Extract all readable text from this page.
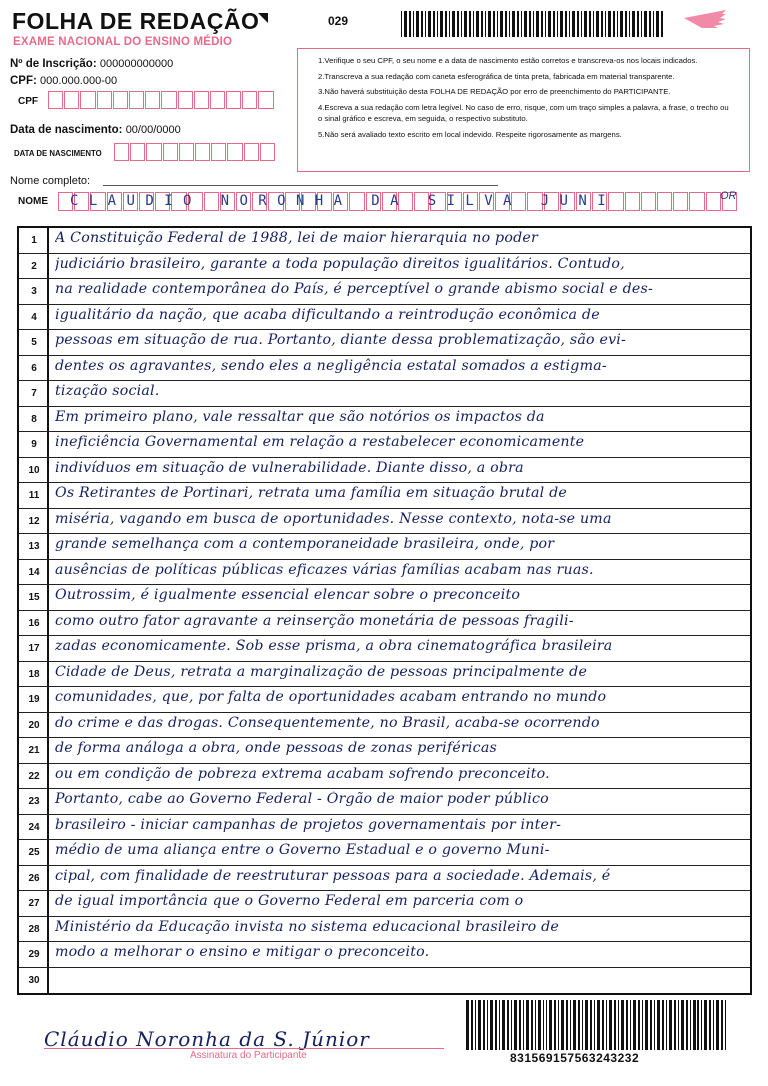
FOLHA DE REDAÇÃO
EXAME NACIONAL DO ENSINO MÉDIO
029
Nº de Inscrição: 000000000000
CPF: 000.000.000-00
CPF
Data de nascimento: 00/00/0000
DATA DE NASCIMENTO

1.Verifique o seu CPF, o seu nome e a data de nascimento estão corretos e transcreva-os nos locais indicados.

2.Transcreva a sua redação com caneta esferográfica de tinta preta, fabricada em material transparente.

3.Não haverá substituição desta FOLHA DE REDAÇÃO por erro de preenchimento do PARTICIPANTE.

4.Escreva a sua redação com letra legível. No caso de erro, risque, com um traço simples a palavra, a frase, o trecho ou o sinal gráfico e escreva, em seguida, o respectivo substituto.

5.Não será avaliado texto escrito em local indevido. Respeite rigorosamente as margens.

Nome completo:
NOME CLAUDIO NORONHA DA SILVA JUNI	OR
1	A Constituição Federal de 1988, lei de maior hierarquia no poder
2	judiciário brasileiro, garante a toda população direitos igualitários. Contudo,
3	na realidade contemporânea do País, é perceptível o grande abismo social e des-
4	igualitário da nação, que acaba dificultando a reintrodução econômica de
5	pessoas em situação de rua. Portanto, diante dessa problematização, são evi-
6	dentes os agravantes, sendo eles a negligência estatal somados a estigma-
7	tização social.
8	Em primeiro plano, vale ressaltar que são notórios os impactos da
9	ineficiência Governamental em relação a restabelecer economicamente
10	indivíduos em situação de vulnerabilidade. Diante disso, a obra
11	Os Retirantes de Portinari, retrata uma família em situação brutal de
12	miséria, vagando em busca de oportunidades. Nesse contexto, nota-se uma
13	grande semelhança com a contemporaneidade brasileira, onde, por
14	ausências de políticas públicas eficazes várias famílias acabam nas ruas.
15	Outrossim, é igualmente essencial elencar sobre o preconceito
16	como outro fator agravante a reinserção monetária de pessoas fragili-
17	zadas economicamente. Sob esse prisma, a obra cinematográfica brasileira
18	Cidade de Deus, retrata a marginalização de pessoas principalmente de
19	comunidades, que, por falta de oportunidades acabam entrando no mundo
20	do crime e das drogas. Consequentemente, no Brasil, acaba-se ocorrendo
21	de forma análoga a obra, onde pessoas de zonas periféricas
22	ou em condição de pobreza extrema acabam sofrendo preconceito.
23	Portanto, cabe ao Governo Federal - Órgão de maior poder público
24	brasileiro - iniciar campanhas de projetos governamentais por inter-
25	médio de uma aliança entre o Governo Estadual e o governo Muni-
26	cipal, com finalidade de reestruturar pessoas para a sociedade. Ademais, é
27	de igual importância que o Governo Federal em parceria com o
28	Ministério da Educação invista no sistema educacional brasileiro de
29	modo a melhorar o ensino e mitigar o preconceito.
30
Cláudio Noronha da S. Júnior
Assinatura do Participante	831569157563243232
